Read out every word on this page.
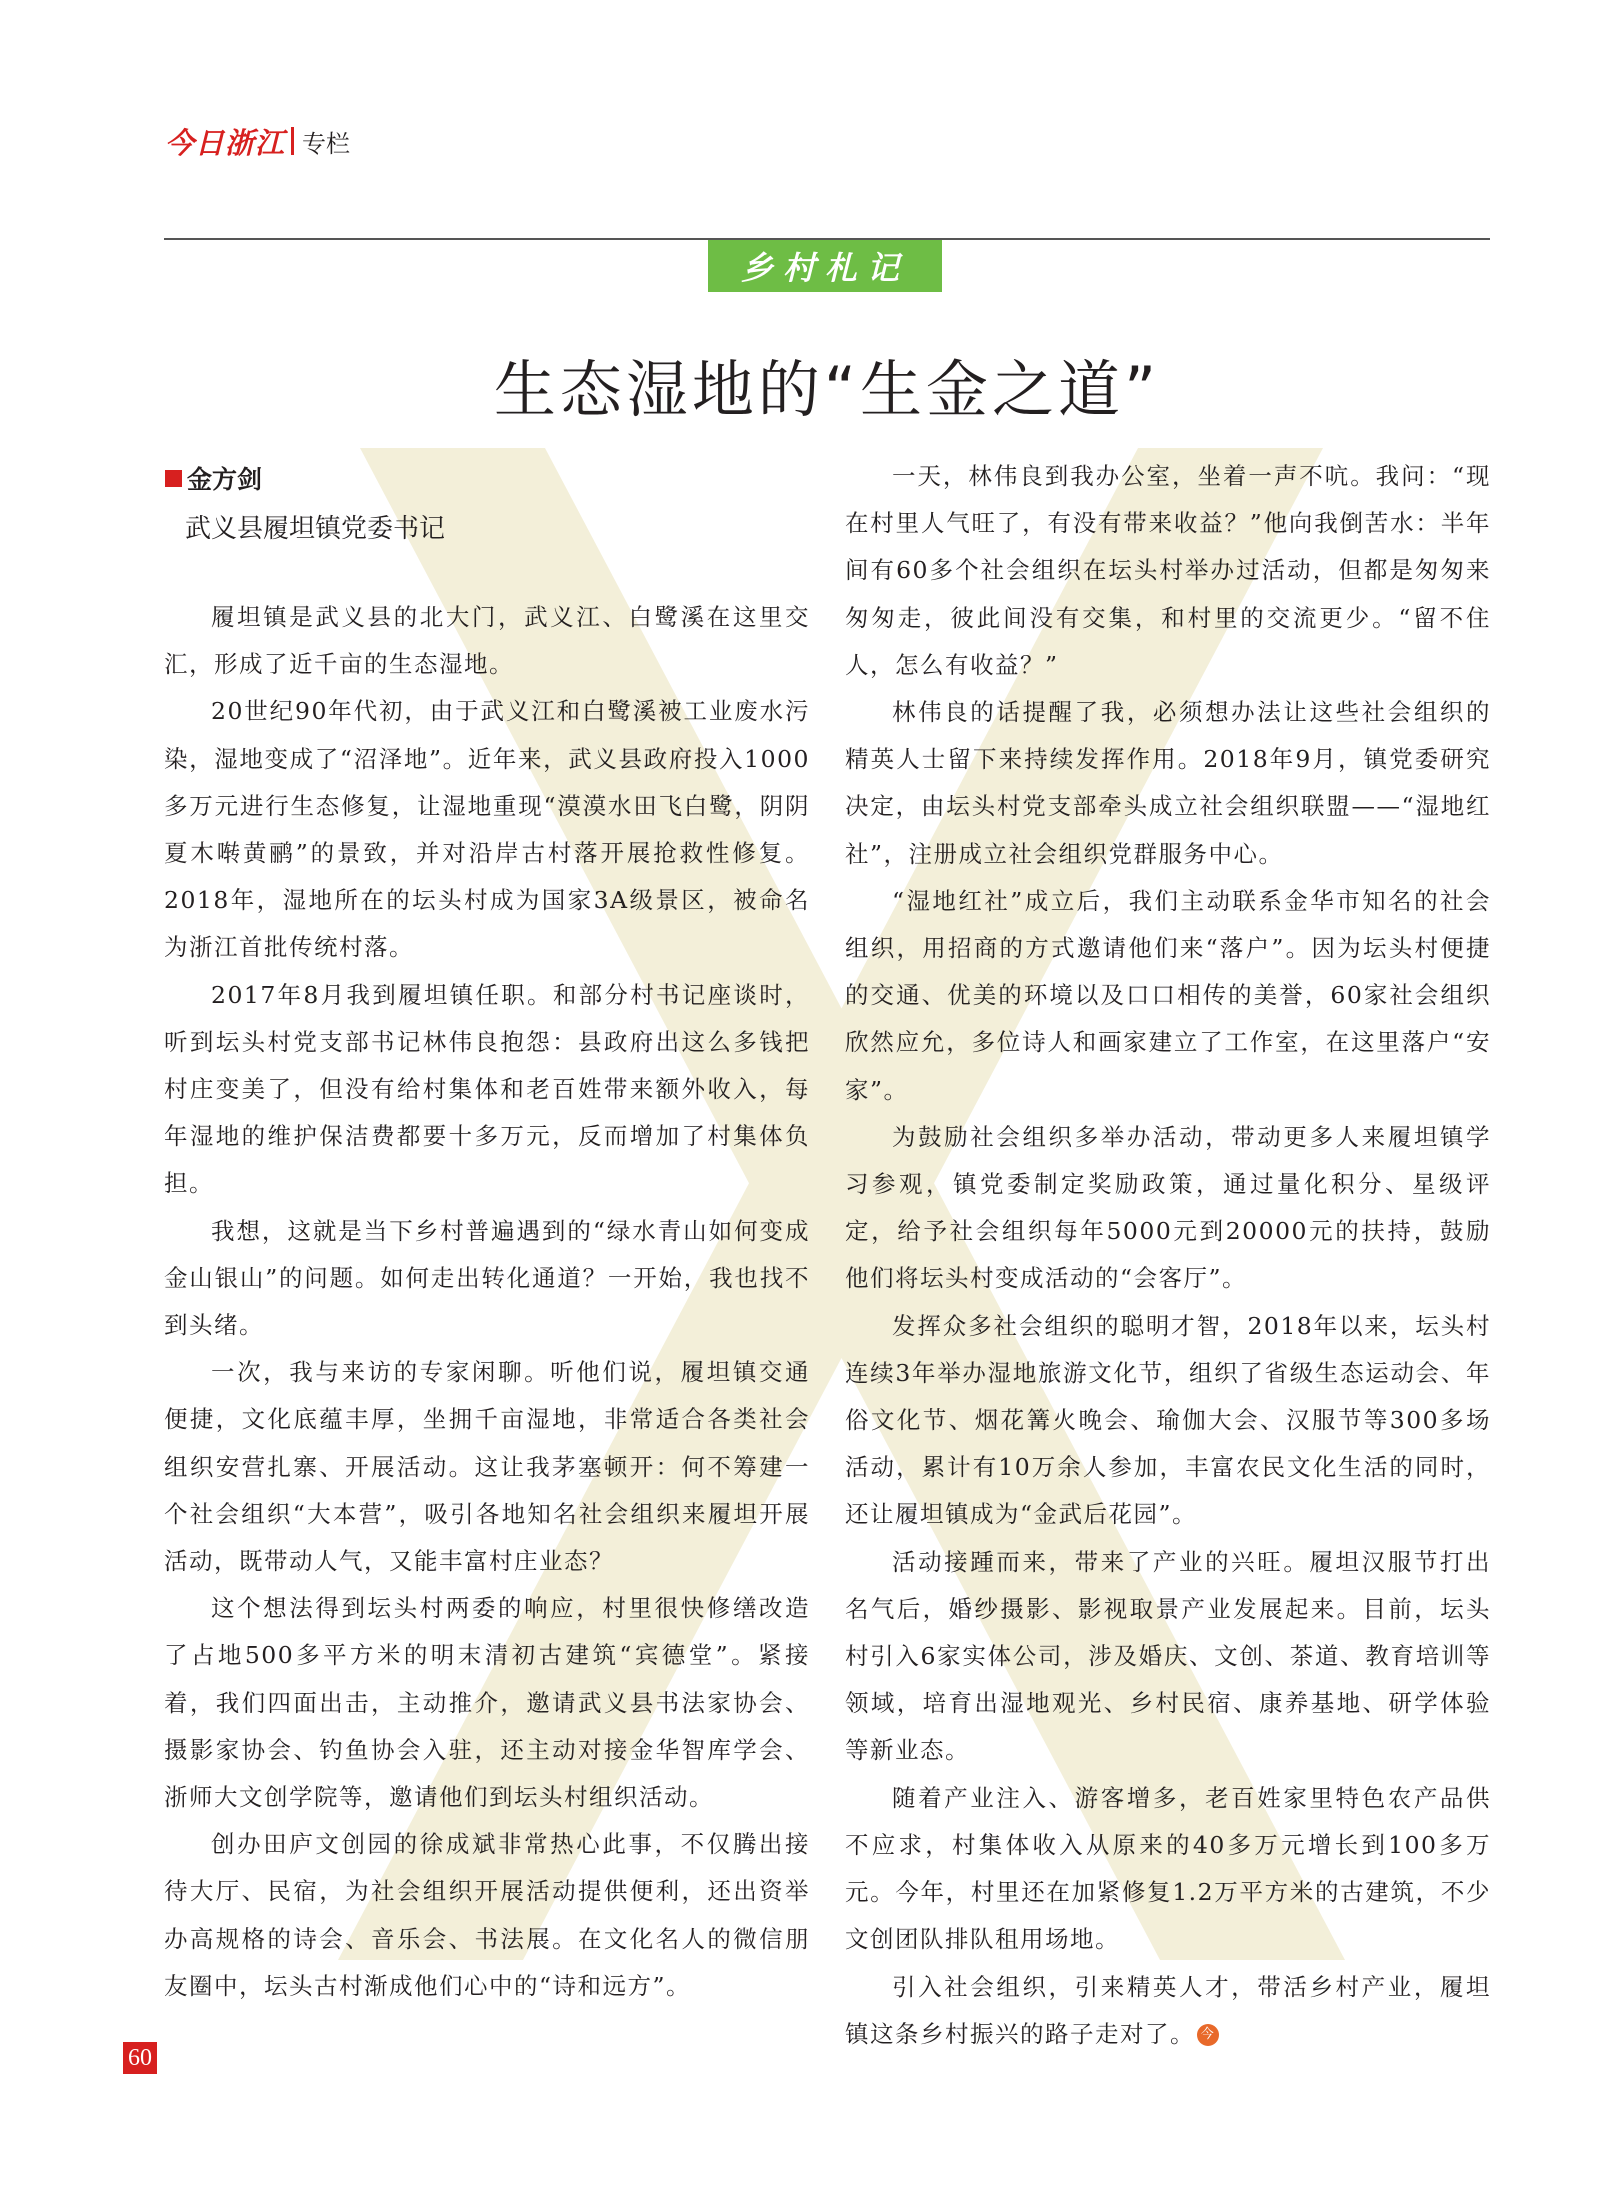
今日浙江 专栏
乡村札记
生态湿地的“生金之道”
金方剑
武义县履坦镇党委书记

履坦镇是武义县的北大门，武义江、白鹭溪在这里交汇，形成了近千亩的生态湿地。

20世纪90年代初，由于武义江和白鹭溪被工业废水污染，湿地变成了“沼泽地”。近年来，武义县政府投入1000多万元进行生态修复，让湿地重现“漠漠水田飞白鹭，阴阴夏木啭黄鹂”的景致，并对沿岸古村落开展抢救性修复。2018年，湿地所在的坛头村成为国家3A级景区，被命名为浙江首批传统村落。

2017年8月我到履坦镇任职。和部分村书记座谈时，听到坛头村党支部书记林伟良抱怨：县政府出这么多钱把村庄变美了，但没有给村集体和老百姓带来额外收入，每年湿地的维护保洁费都要十多万元，反而增加了村集体负担。

我想，这就是当下乡村普遍遇到的“绿水青山如何变成金山银山”的问题。如何走出转化通道？一开始，我也找不到头绪。

一次，我与来访的专家闲聊。听他们说，履坦镇交通便捷，文化底蕴丰厚，坐拥千亩湿地，非常适合各类社会组织安营扎寨、开展活动。这让我茅塞顿开：何不筹建一个社会组织“大本营”，吸引各地知名社会组织来履坦开展活动，既带动人气，又能丰富村庄业态？

这个想法得到坛头村两委的响应，村里很快修缮改造了占地500多平方米的明末清初古建筑“宾德堂”。紧接着，我们四面出击，主动推介，邀请武义县书法家协会、摄影家协会、钓鱼协会入驻，还主动对接金华智库学会、浙师大文创学院等，邀请他们到坛头村组织活动。

创办田庐文创园的徐成斌非常热心此事，不仅腾出接待大厅、民宿，为社会组织开展活动提供便利，还出资举办高规格的诗会、音乐会、书法展。在文化名人的微信朋友圈中，坛头古村渐成他们心中的“诗和远方”。

一天，林伟良到我办公室，坐着一声不吭。我问：“现在村里人气旺了，有没有带来收益？”他向我倒苦水：半年间有60多个社会组织在坛头村举办过活动，但都是匆匆来匆匆走，彼此间没有交集，和村里的交流更少。“留不住人，怎么有收益？”

林伟良的话提醒了我，必须想办法让这些社会组织的精英人士留下来持续发挥作用。2018年9月，镇党委研究决定，由坛头村党支部牵头成立社会组织联盟——“湿地红社”，注册成立社会组织党群服务中心。

“湿地红社”成立后，我们主动联系金华市知名的社会组织，用招商的方式邀请他们来“落户”。因为坛头村便捷的交通、优美的环境以及口口相传的美誉，60家社会组织欣然应允，多位诗人和画家建立了工作室，在这里落户“安家”。

为鼓励社会组织多举办活动，带动更多人来履坦镇学习参观，镇党委制定奖励政策，通过量化积分、星级评定，给予社会组织每年5000元到20000元的扶持，鼓励他们将坛头村变成活动的“会客厅”。

发挥众多社会组织的聪明才智，2018年以来，坛头村连续3年举办湿地旅游文化节，组织了省级生态运动会、年俗文化节、烟花篝火晚会、瑜伽大会、汉服节等300多场活动，累计有10万余人参加，丰富农民文化生活的同时，还让履坦镇成为“金武后花园”。

活动接踵而来，带来了产业的兴旺。履坦汉服节打出名气后，婚纱摄影、影视取景产业发展起来。目前，坛头村引入6家实体公司，涉及婚庆、文创、茶道、教育培训等领域，培育出湿地观光、乡村民宿、康养基地、研学体验等新业态。

随着产业注入、游客增多，老百姓家里特色农产品供不应求，村集体收入从原来的40多万元增长到100多万元。今年，村里还在加紧修复1.2万平方米的古建筑，不少文创团队排队租用场地。

引入社会组织，引来精英人才，带活乡村产业，履坦镇这条乡村振兴的路子走对了。 今

60
